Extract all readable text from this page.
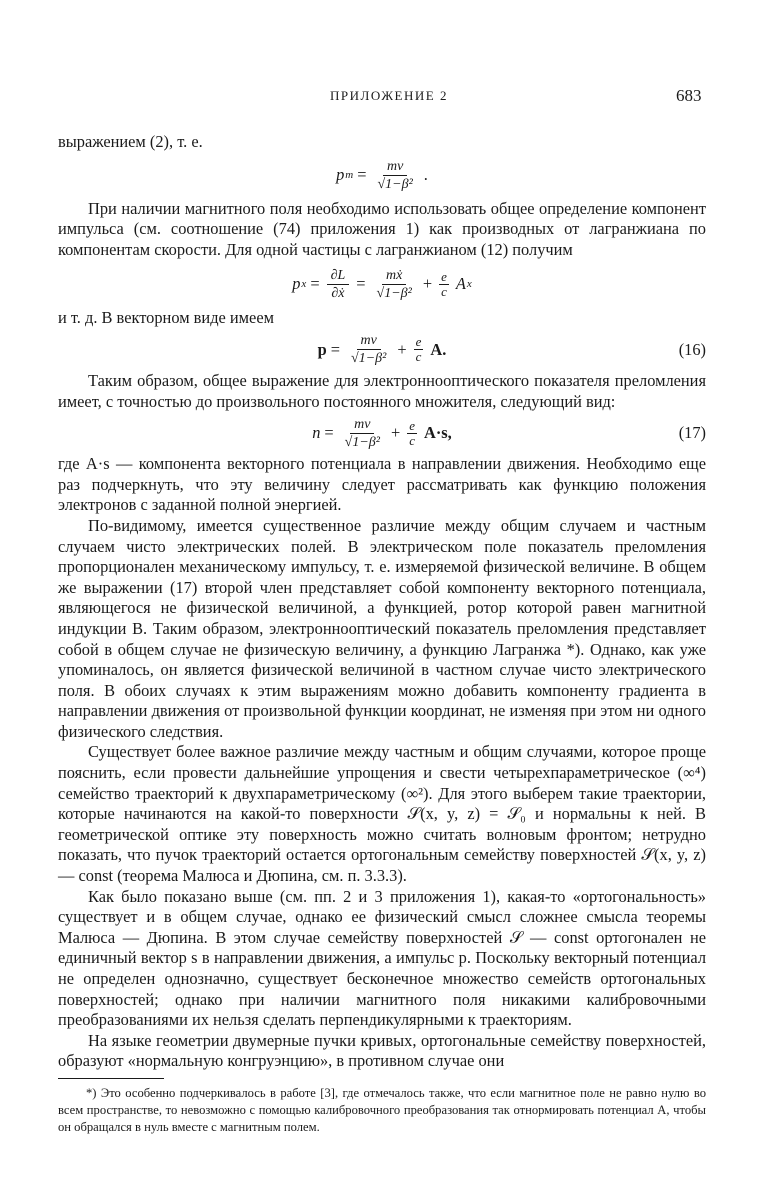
ПРИЛОЖЕНИЕ 2	683

выражением (2), т. е.

p $m = \frac{mv}{\text{√1−β²}}$ .

При наличии магнитного поля необходимо использовать общее определение компонент импульса (см. соотношение (74) приложения 1) как производных от лагранжиана по компонентам скорости. Для одной частицы с лагранжианом (12) получим

p $x = \frac{\partial L}{\text{∂ẋ}} = \frac{\text{mẋ}}{\text{√1−β²}} + \frac{e}{c}$ A x

и т. д. В векторном виде имеем

$p = \frac{mv}{\text{√1−β²}} + \frac{e}{c} A$.	(16)

Таким образом, общее выражение для электроннооптического показателя преломления имеет, с точностью до произвольного постоянного множителя, следующий вид:

$n = \frac{mv}{\text{√1−β²}} + \frac{e}{c} A\cdot s$,	(17)

где A·s — компонента векторного потенциала в направлении движения. Необходимо еще раз подчеркнуть, что эту величину следует рассматривать как функцию положения электронов с заданной полной энергией.

По-видимому, имеется существенное различие между общим случаем и частным случаем чисто электрических полей. В электрическом поле показатель преломления пропорционален механическому импульсу, т. е. измеряемой физической величине. В общем же выражении (17) второй член представляет собой компоненту векторного потенциала, являющегося не физической величиной, а функцией, ротор которой равен магнитной индукции B. Таким образом, электроннооптический показатель преломления представляет собой в общем случае не физическую величину, а функцию Лагранжа *). Однако, как уже упоминалось, он является физической величиной в частном случае чисто электрического поля. В обоих случаях к этим выражениям можно добавить компоненту градиента в направлении движения от произвольной функции координат, не изменяя при этом ни одного физического следствия.

Существует более важное различие между частным и общим случаями, которое проще пояснить, если провести дальнейшие упрощения и свести четырехпараметрическое (∞⁴) семейство траекторий к двухпараметрическому (∞²). Для этого выберем такие траектории, которые начинаются на какой-то поверхности 𝒮(x, y, z) = 𝒮₀ и нормальны к ней. В геометрической оптике эту поверхность можно считать волновым фронтом; нетрудно показать, что пучок траекторий остается ортогональным семейству поверхностей 𝒮(x, y, z) — const (теорема Малюса и Дюпина, см. п. 3.3.3).

Как было показано выше (см. пп. 2 и 3 приложения 1), какая-то «ортогональность» существует и в общем случае, однако ее физический смысл сложнее смысла теоремы Малюса — Дюпина. В этом случае семейству поверхностей 𝒮 — const ортогонален не единичный вектор s в направлении движения, а импульс p. Поскольку векторный потенциал не определен однозначно, существует бесконечное множество семейств ортогональных поверхностей; однако при наличии магнитного поля никакими калибровочными преобразованиями их нельзя сделать перпендикулярными к траекториям.

На языке геометрии двумерные пучки кривых, ортогональные семейству поверхностей, образуют «нормальную конгруэнцию», в противном случае они

*) Это особенно подчеркивалось в работе [3], где отмечалось также, что если магнитное поле не равно нулю во всем пространстве, то невозможно с помощью калибровочного преобразования так отнормировать потенциал A, чтобы он обращался в нуль вместе с магнитным полем.
